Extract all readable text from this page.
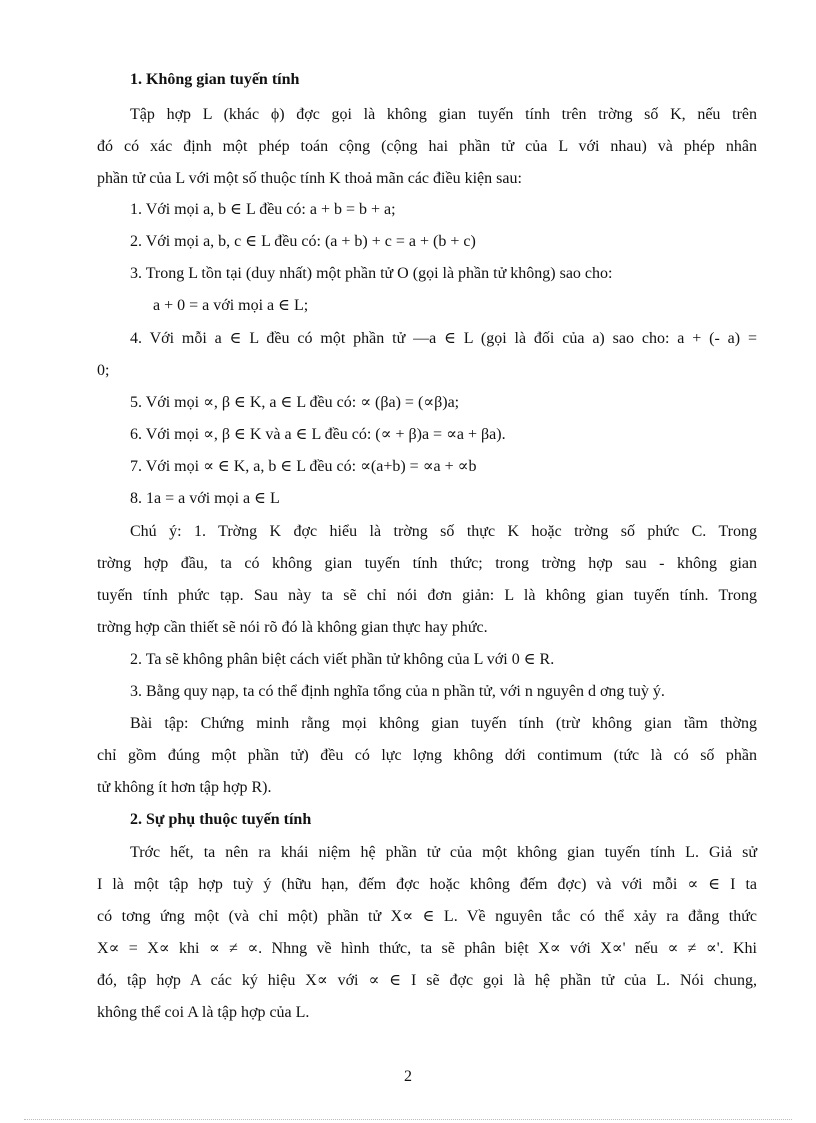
1. Không gian tuyến tính
Tập hợp L (khác ϕ) đợc gọi là không gian tuyến tính trên trờng số K, nếu trên
đó có xác định một phép toán cộng (cộng hai phần tử của L với nhau) và phép nhân
phần tử của L với một số thuộc tính K thoả mãn các điều kiện sau:
1. Với mọi a, b ∈ L đều có: a + b = b + a;
2. Với mọi a, b, c ∈ L đều có: (a + b) + c = a + (b + c)
3. Trong L tồn tại (duy nhất) một phần tử O (gọi là phần tử không) sao cho:
a + 0 = a với mọi a ∈ L;
4. Với mỗi a ∈ L đều có một phần tử —a ∈ L (gọi là đối của a) sao cho: a + (- a) =
0;
5. Với mọi ∝, β ∈ K, a ∈ L đều có: ∝ (βa) = (∝β)a;
6. Với mọi ∝, β ∈ K và a ∈ L đều có: (∝ + β)a = ∝a + βa).
7. Với mọi ∝ ∈ K, a, b ∈ L đều có: ∝(a+b) = ∝a + ∝b
8. 1a = a với mọi a ∈ L
Chú ý: 1. Trờng K đợc hiểu là trờng số thực K hoặc trờng số phức C. Trong
trờng hợp đầu, ta có không gian tuyến tính thức; trong trờng hợp sau - không gian
tuyến tính phức tạp. Sau này ta sẽ chỉ nói đơn giản: L là không gian tuyến tính. Trong
trờng hợp cần thiết sẽ nói rõ đó là không gian thực hay phức.
2. Ta sẽ không phân biệt cách viết phần tử không của L với 0 ∈ R.
3. Bằng quy nạp, ta có thể định nghĩa tổng của n phần tử, với n nguyên d ơng tuỳ ý.
Bài tập: Chứng minh rằng mọi không gian tuyến tính (trừ không gian tầm thờng
chỉ gồm đúng một phần tử) đều có lực lợng không dới contimum (tức là có số phần
tử không ít hơn tập hợp R).
2. Sự phụ thuộc tuyến tính
Trớc hết, ta nên ra khái niệm hệ phần tử của một không gian tuyến tính L. Giả sử
I là một tập hợp tuỳ ý (hữu hạn, đếm đợc hoặc không đếm đợc) và với mỗi ∝ ∈ I ta
có tơng ứng một (và chỉ một) phần tử X∝ ∈ L. Về nguyên tắc có thể xảy ra đẳng thức
X∝ = X∝ khi ∝ ≠ ∝. Nhng về hình thức, ta sẽ phân biệt X∝ với X∝' nếu ∝ ≠ ∝'. Khi
đó, tập hợp A các ký hiệu X∝ với ∝ ∈ I sẽ đợc gọi là hệ phần tử của L. Nói chung,
không thể coi A là tập hợp của L.
2
